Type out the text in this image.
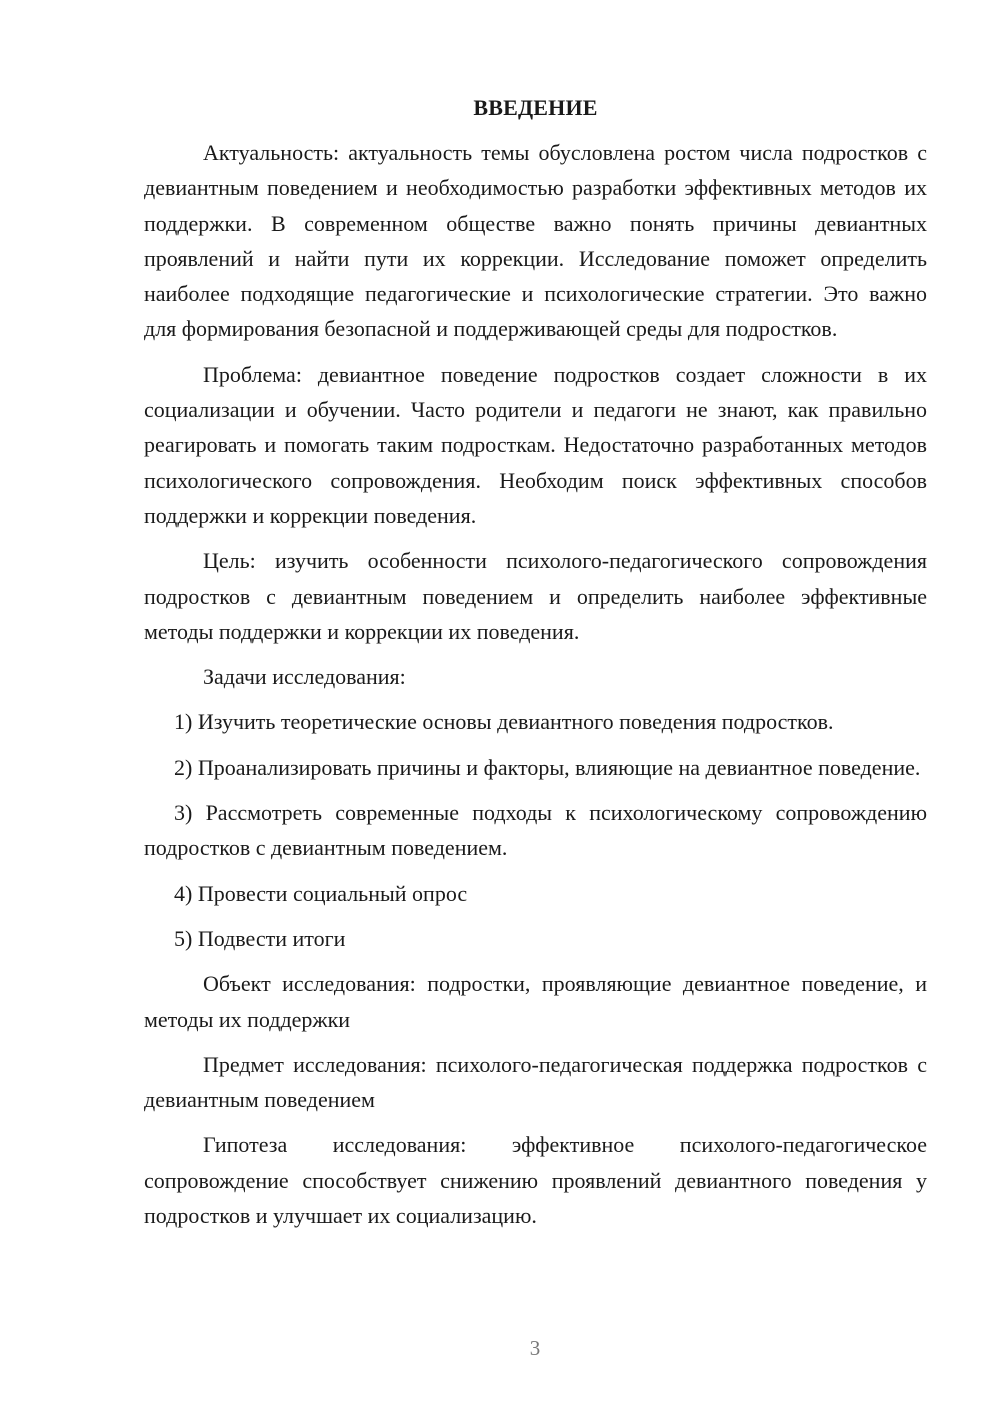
ВВЕДЕНИЕ

Актуальность: актуальность темы обусловлена ростом числа подростков с девиантным поведением и необходимостью разработки эффективных методов их поддержки. В современном обществе важно понять причины девиантных проявлений и найти пути их коррекции. Исследование поможет определить наиболее подходящие педагогические и психологические стратегии. Это важно для формирования безопасной и поддерживающей среды для подростков.

Проблема: девиантное поведение подростков создает сложности в их социализации и обучении. Часто родители и педагоги не знают, как правильно реагировать и помогать таким подросткам. Недостаточно разработанных методов психологического сопровождения. Необходим поиск эффективных способов поддержки и коррекции поведения.

Цель: изучить особенности психолого-педагогического сопровождения подростков с девиантным поведением и определить наиболее эффективные методы поддержки и коррекции их поведения.

Задачи исследования:

1) Изучить теоретические основы девиантного поведения подростков.

2) Проанализировать причины и факторы, влияющие на девиантное поведение.

3) Рассмотреть современные подходы к психологическому сопровождению подростков с девиантным поведением.

4) Провести социальный опрос

5) Подвести итоги

Объект исследования: подростки, проявляющие девиантное поведение, и методы их поддержки

Предмет исследования: психолого-педагогическая поддержка подростков с девиантным поведением

Гипотеза исследования: эффективное психолого-педагогическое сопровождение способствует снижению проявлений девиантного поведения у подростков и улучшает их социализацию.

3
